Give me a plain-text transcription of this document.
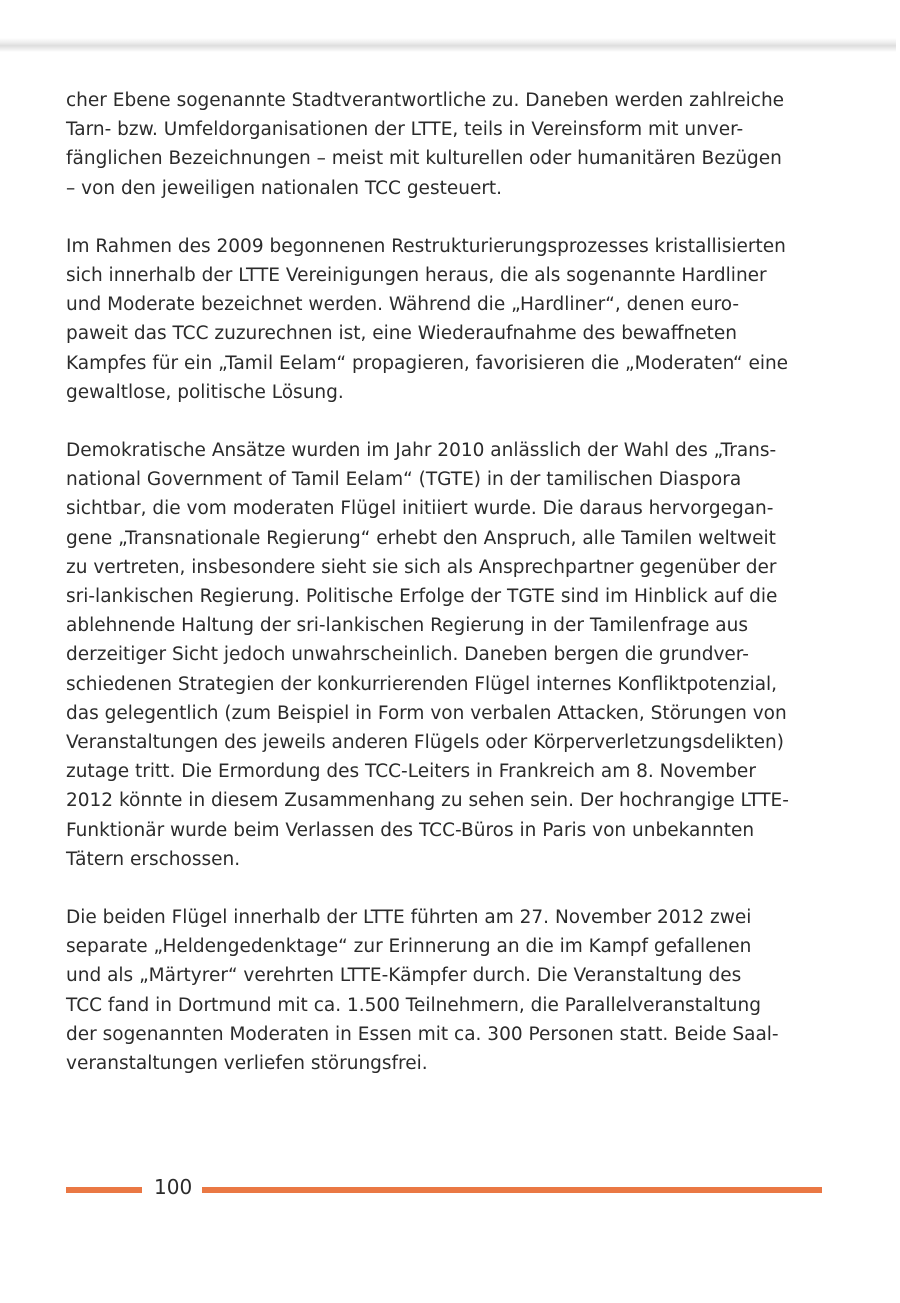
cher Ebene sogenannte Stadtverantwortliche zu. Daneben werden zahlreiche
Tarn- bzw. Umfeldorganisationen der LTTE, teils in Vereinsform mit unver-
fänglichen Bezeichnungen – meist mit kulturellen oder humanitären Bezügen
– von den jeweiligen nationalen TCC gesteuert.

Im Rahmen des 2009 begonnenen Restrukturierungsprozesses kristallisierten
sich innerhalb der LTTE Vereinigungen heraus, die als sogenannte Hardliner
und Moderate bezeichnet werden. Während die „Hardliner“, denen euro-
paweit das TCC zuzurechnen ist, eine Wiederaufnahme des bewaffneten
Kampfes für ein „Tamil Eelam“ propagieren, favorisieren die „Moderaten“ eine
gewaltlose, politische Lösung.

Demokratische Ansätze wurden im Jahr 2010 anlässlich der Wahl des „Trans-
national Government of Tamil Eelam“ (TGTE) in der tamilischen Diaspora
sichtbar, die vom moderaten Flügel initiiert wurde. Die daraus hervorgegan-
gene „Transnationale Regierung“ erhebt den Anspruch, alle Tamilen weltweit
zu vertreten, insbesondere sieht sie sich als Ansprechpartner gegenüber der
sri-lankischen Regierung. Politische Erfolge der TGTE sind im Hinblick auf die
ablehnende Haltung der sri-lankischen Regierung in der Tamilenfrage aus
derzeitiger Sicht jedoch unwahrscheinlich. Daneben bergen die grundver-
schiedenen Strategien der konkurrierenden Flügel internes Konfliktpotenzial,
das gelegentlich (zum Beispiel in Form von verbalen Attacken, Störungen von
Veranstaltungen des jeweils anderen Flügels oder Körperverletzungsdelikten)
zutage tritt. Die Ermordung des TCC-Leiters in Frankreich am 8. November
2012 könnte in diesem Zusammenhang zu sehen sein. Der hochrangige LTTE-
Funktionär wurde beim Verlassen des TCC-Büros in Paris von unbekannten
Tätern erschossen.

Die beiden Flügel innerhalb der LTTE führten am 27. November 2012 zwei
separate „Heldengedenktage“ zur Erinnerung an die im Kampf gefallenen
und als „Märtyrer“ verehrten LTTE-Kämpfer durch. Die Veranstaltung des
TCC fand in Dortmund mit ca. 1.500 Teilnehmern, die Parallelveranstaltung
der sogenannten Moderaten in Essen mit ca. 300 Personen statt. Beide Saal-
veranstaltungen verliefen störungsfrei.

100
